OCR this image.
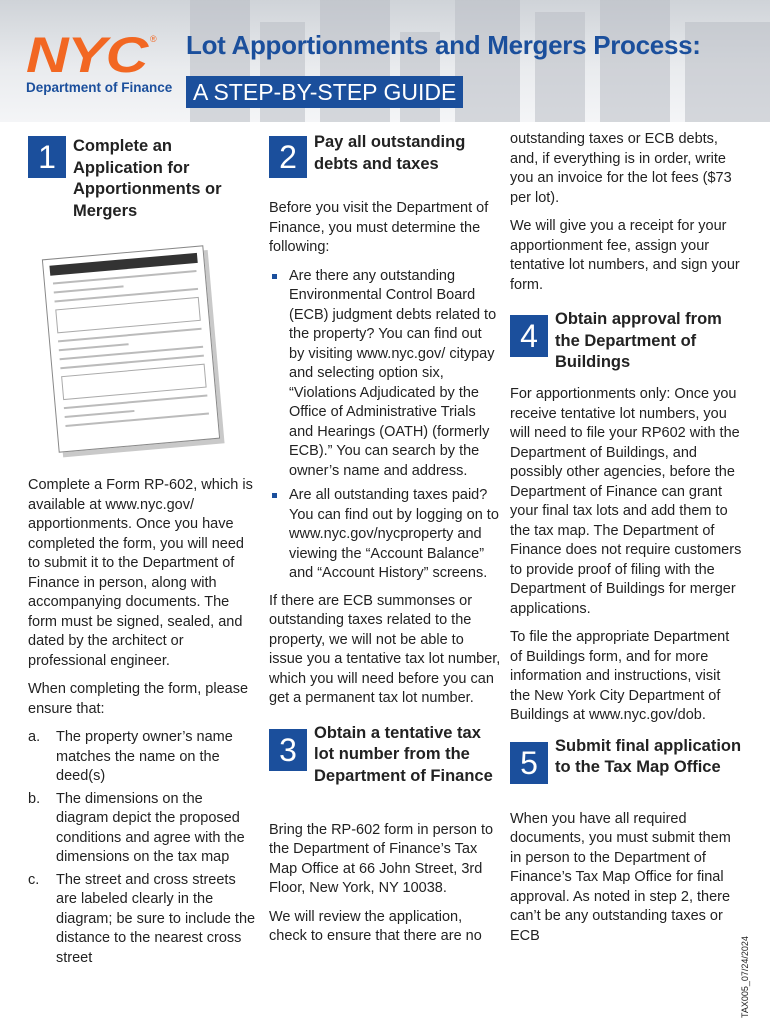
NYC ®
Department of Finance
Lot Apportionments and Mergers Process:
A STEP-BY-STEP GUIDE
1	Complete an Application for Apportionments or Mergers

Complete a Form RP-602, which is available at www.nyc.gov/ apportionments. Once you have completed the form, you will need to submit it to the Department of Finance in person, along with accompanying documents. The form must be signed, sealed, and dated by the architect or professional engineer.

When completing the form, please ensure that:

a. The property owner’s name matches the name on the deed(s)
b. The dimensions on the diagram depict the proposed conditions and agree with the dimensions on the tax map
c. The street and cross streets are labeled clearly in the diagram; be sure to include the distance to the nearest cross street
2	Pay all outstanding debts and taxes

Before you visit the Department of Finance, you must determine the following:

Are there any outstanding Environmental Control Board (ECB) judgment debts related to the property? You can find out by visiting www.nyc.gov/ citypay and selecting option six, “Violations Adjudicated by the Office of Administrative Trials and Hearings (OATH) (formerly ECB).” You can search by the owner’s name and address.
Are all outstanding taxes paid? You can find out by logging on to www.nyc.gov/nycproperty and viewing the “Account Balance” and “Account History” screens.

If there are ECB summonses or outstanding taxes related to the property, we will not be able to issue you a tentative tax lot number, which you will need before you can get a permanent tax lot number.

3	Obtain a tentative tax lot number from the Department of Finance

Bring the RP-602 form in person to the Department of Finance’s Tax Map Office at 66 John Street, 3rd Floor, New York, NY 10038.

We will review the application, check to ensure that there are no

outstanding taxes or ECB debts, and, if everything is in order, write you an invoice for the lot fees ($73 per lot).

We will give you a receipt for your apportionment fee, assign your tentative lot numbers, and sign your form.

4	Obtain approval from the Department of Buildings

For apportionments only: Once you receive tentative lot numbers, you will need to file your RP602 with the Department of Buildings, and possibly other agencies, before the Department of Finance can grant your final tax lots and add them to the tax map. The Department of Finance does not require customers to provide proof of filing with the Department of Buildings for merger applications.

To file the appropriate Department of Buildings form, and for more information and instructions, visit the New York City Department of Buildings at www.nyc.gov/dob.

5	Submit final application to the Tax Map Office

When you have all required documents, you must submit them in person to the Department of Finance’s Tax Map Office for final approval. As noted in step 2, there can’t be any outstanding taxes or ECB

TAX005_07/24/2024
